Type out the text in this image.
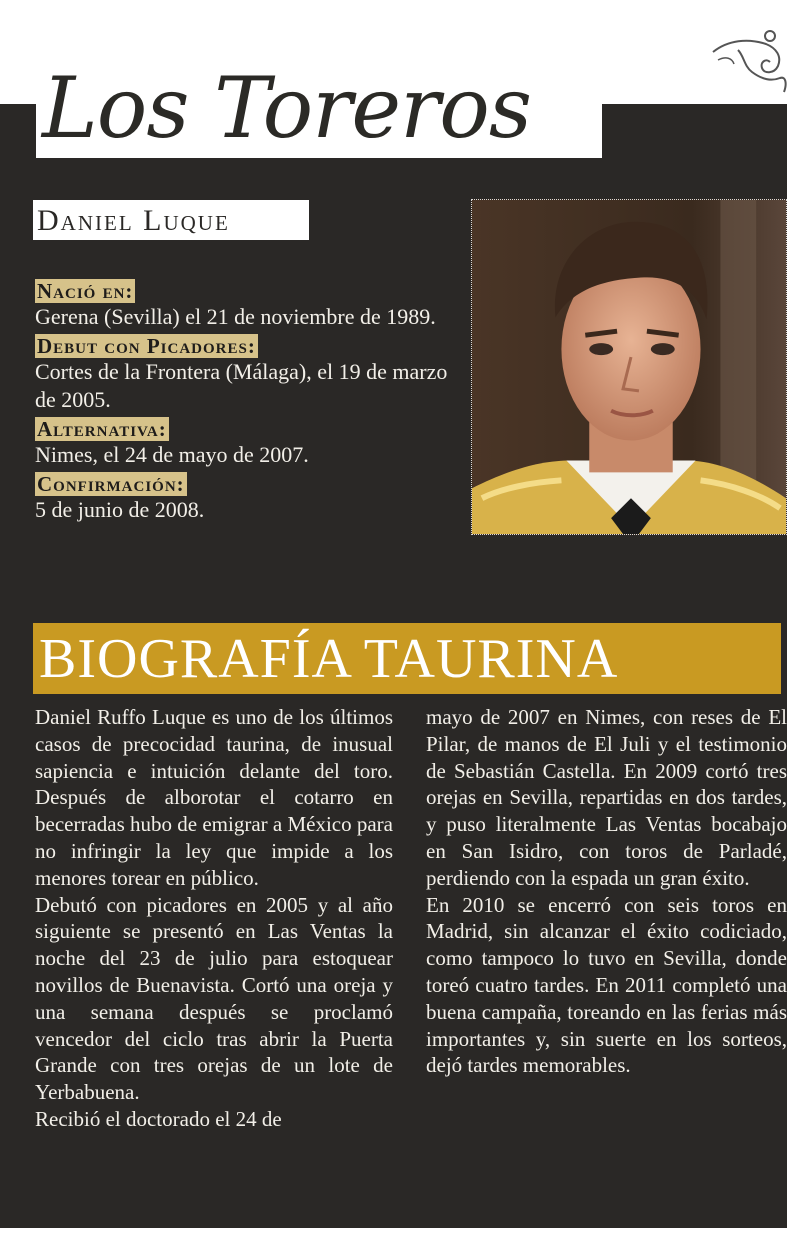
Los Toreros
Daniel Luque
Nació en:
Gerena (Sevilla) el 21 de noviembre de 1989.
Debut con Picadores:
Cortes de la Frontera (Málaga), el 19 de marzo de 2005.
Alternativa:
Nimes, el 24 de mayo de 2007.
Confirmación:
5 de junio de 2008.
BIOGRAFÍA TAURINA

Daniel Ruffo Luque es uno de los últimos casos de precocidad taurina, de inusual sapiencia e intuición delante del toro. Después de alborotar el cotarro en becerradas hubo de emigrar a México para no infringir la ley que impide a los menores torear en público.

Debutó con picadores en 2005 y al año siguiente se presentó en Las Ventas la noche del 23 de julio para estoquear novillos de Buenavista. Cortó una oreja y una semana después se proclamó vencedor del ciclo tras abrir la Puerta Grande con tres orejas de un lote de Yerbabuena.

Recibió el doctorado el 24 de

mayo de 2007 en Nimes, con reses de El Pilar, de manos de El Juli y el testimonio de Sebastián Castella. En 2009 cortó tres orejas en Sevilla, repartidas en dos tardes, y puso literalmente Las Ventas bocabajo en San Isidro, con toros de Parladé, perdiendo con la espada un gran éxito.

En 2010 se encerró con seis toros en Madrid, sin alcanzar el éxito codiciado, como tampoco lo tuvo en Sevilla, donde toreó cuatro tardes. En 2011 completó una buena campaña, toreando en las ferias más importantes y, sin suerte en los sorteos, dejó tardes memorables.
